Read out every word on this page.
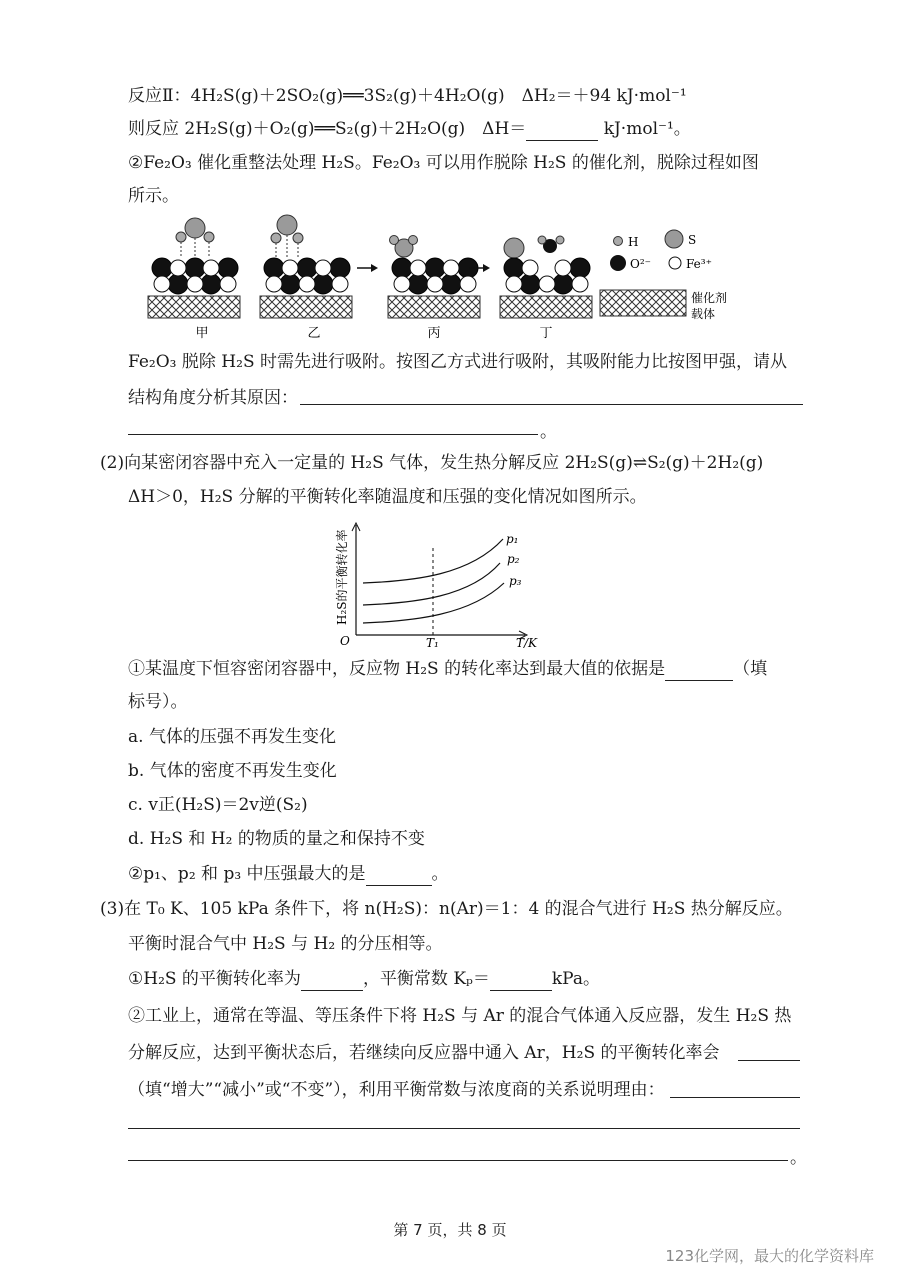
反应Ⅱ：4H₂S(g)＋2SO₂(g)══3S₂(g)＋4H₂O(g)　ΔH₂＝＋94 kJ·mol⁻¹
则反应 2H₂S(g)＋O₂(g)══S₂(g)＋2H₂O(g)　ΔH＝	kJ·mol⁻¹。
②Fe₂O₃ 催化重整法处理 H₂S。Fe₂O₃ 可以用作脱除 H₂S 的催化剂，脱除过程如图
所示。
甲	乙	丙	丁
H	S
O²⁻	Fe³⁺
催化剂
载体
Fe₂O₃ 脱除 H₂S 时需先进行吸附。按图乙方式进行吸附，其吸附能力比按图甲强，请从
结构角度分析其原因：
。
(2)向某密闭容器中充入一定量的 H₂S 气体，发生热分解反应 2H₂S(g)⇌S₂(g)＋2H₂(g)
ΔH＞0，H₂S 分解的平衡转化率随温度和压强的变化情况如图所示。
p₁
p₂
p₃
O	T₁	T/K
H₂S的平衡转化率
①某温度下恒容密闭容器中，反应物 H₂S 的转化率达到最大值的依据是	（填
标号）。
a. 气体的压强不再发生变化
b. 气体的密度不再发生变化
c. v正(H₂S)＝2v逆(S₂)
d. H₂S 和 H₂ 的物质的量之和保持不变
②p₁、p₂ 和 p₃ 中压强最大的是	。
(3)在 T₀ K、105 kPa 条件下，将 n(H₂S)：n(Ar)＝1：4 的混合气进行 H₂S 热分解反应。
平衡时混合气中 H₂S 与 H₂ 的分压相等。
①H₂S 的平衡转化率为	，平衡常数 Kₚ＝	kPa。
②工业上，通常在等温、等压条件下将 H₂S 与 Ar 的混合气体通入反应器，发生 H₂S 热
分解反应，达到平衡状态后，若继续向反应器中通入 Ar，H₂S 的平衡转化率会
（填“增大”“减小”或“不变”），利用平衡常数与浓度商的关系说明理由：
。
第 7 页，共 8 页
123化学网，最大的化学资料库
